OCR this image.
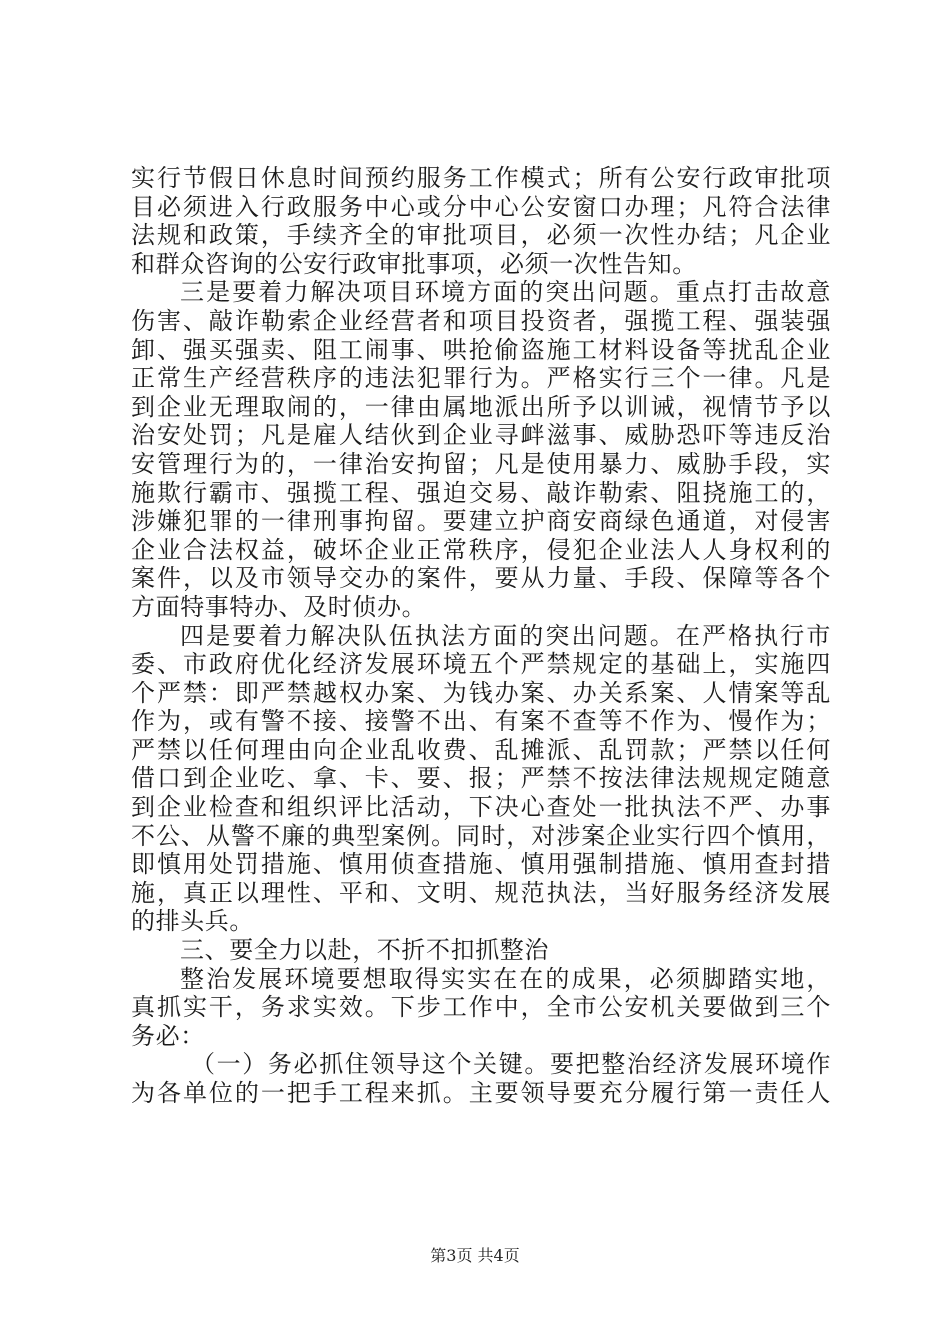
实行节假日休息时间预约服务工作模式；所有公安行政审批项
目必须进入行政服务中心或分中心公安窗口办理；凡符合法律
法规和政策，手续齐全的审批项目，必须一次性办结；凡企业
和群众咨询的公安行政审批事项，必须一次性告知。
三是要着力解决项目环境方面的突出问题。重点打击故意
伤害、敲诈勒索企业经营者和项目投资者，强揽工程、强装强
卸、强买强卖、阻工闹事、哄抢偷盗施工材料设备等扰乱企业
正常生产经营秩序的违法犯罪行为。严格实行三个一律。凡是
到企业无理取闹的，一律由属地派出所予以训诫，视情节予以
治安处罚；凡是雇人结伙到企业寻衅滋事、威胁恐吓等违反治
安管理行为的，一律治安拘留；凡是使用暴力、威胁手段，实
施欺行霸市、强揽工程、强迫交易、敲诈勒索、阻挠施工的，
涉嫌犯罪的一律刑事拘留。要建立护商安商绿色通道，对侵害
企业合法权益，破坏企业正常秩序，侵犯企业法人人身权利的
案件，以及市领导交办的案件，要从力量、手段、保障等各个
方面特事特办、及时侦办。
四是要着力解决队伍执法方面的突出问题。在严格执行市
委、市政府优化经济发展环境五个严禁规定的基础上，实施四
个严禁：即严禁越权办案、为钱办案、办关系案、人情案等乱
作为，或有警不接、接警不出、有案不查等不作为、慢作为；
严禁以任何理由向企业乱收费、乱摊派、乱罚款；严禁以任何
借口到企业吃、拿、卡、要、报；严禁不按法律法规规定随意
到企业检查和组织评比活动，下决心查处一批执法不严、办事
不公、从警不廉的典型案例。同时，对涉案企业实行四个慎用，
即慎用处罚措施、慎用侦查措施、慎用强制措施、慎用查封措
施，真正以理性、平和、文明、规范执法，当好服务经济发展
的排头兵。
三、要全力以赴，不折不扣抓整治
整治发展环境要想取得实实在在的成果，必须脚踏实地，
真抓实干，务求实效。下步工作中，全市公安机关要做到三个
务必：
（一）务必抓住领导这个关键。要把整治经济发展环境作
为各单位的一把手工程来抓。主要领导要充分履行第一责任人
第3页 共4页
